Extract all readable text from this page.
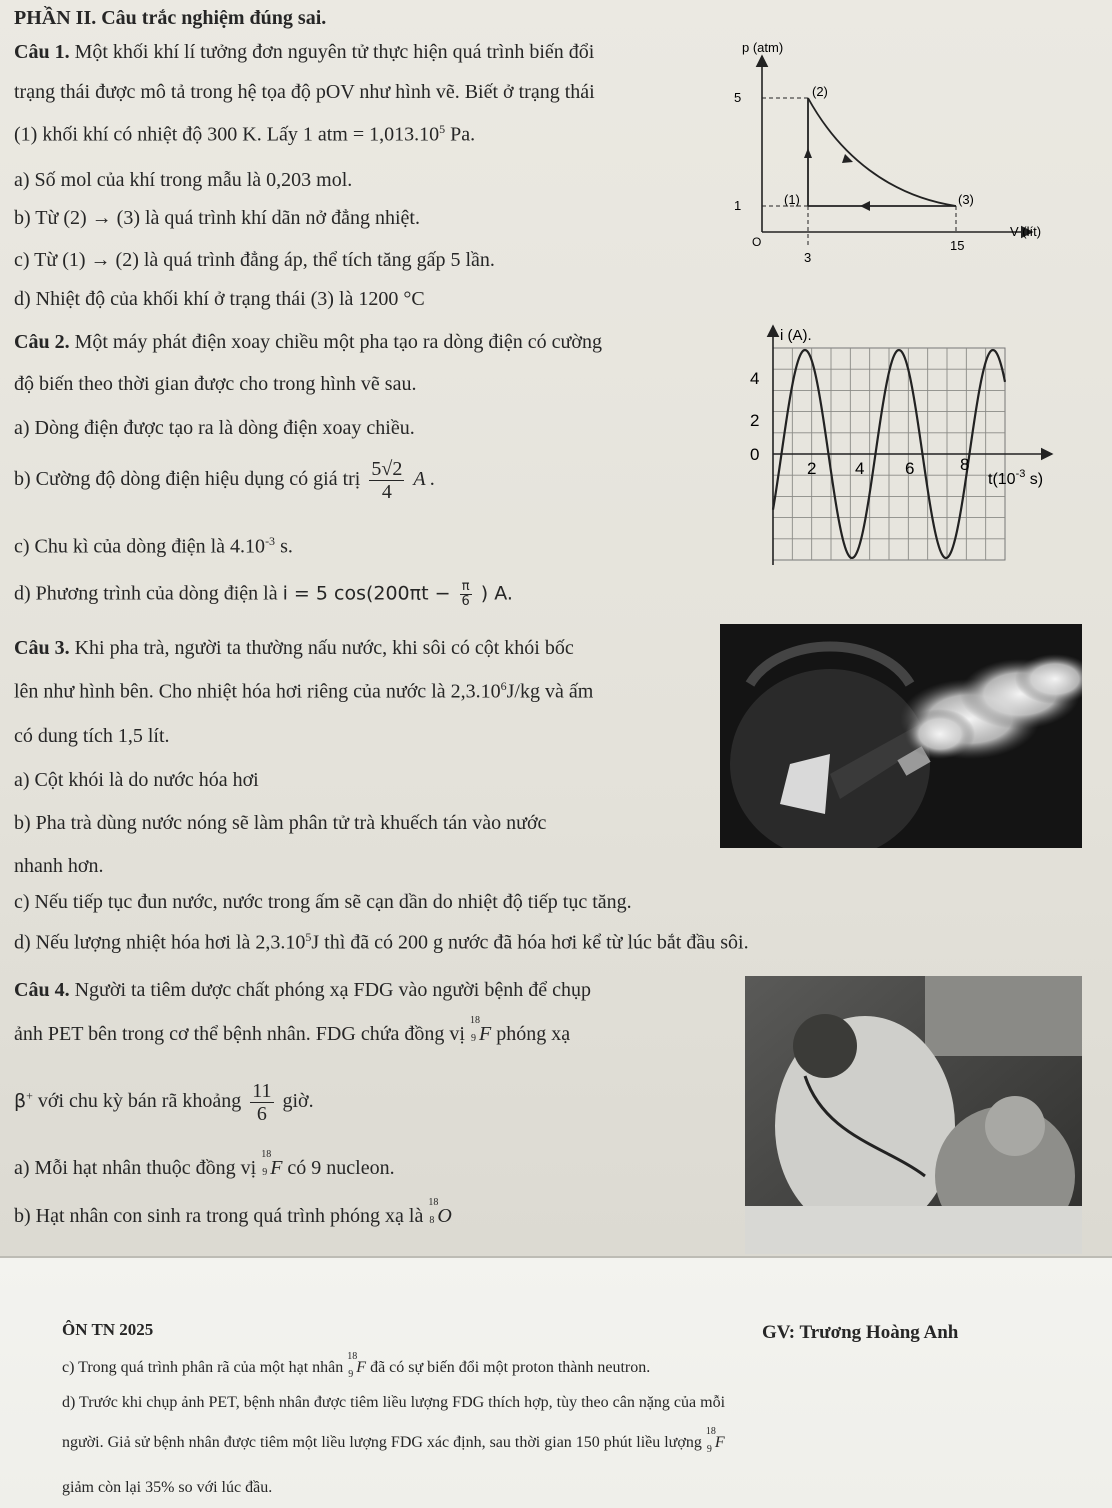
PHẦN II. Câu trắc nghiệm đúng sai.
Câu 1. Một khối khí lí tưởng đơn nguyên tử thực hiện quá trình biến đổi
trạng thái được mô tả trong hệ tọa độ pOV như hình vẽ. Biết ở trạng thái
(1) khối khí có nhiệt độ 300 K. Lấy 1 atm = $1,013.10^5$ Pa.
a) Số mol của khí trong mẫu là 0,203 mol.
b) Từ (2) → (3) là quá trình khí dãn nở đẳng nhiệt.
c) Từ (1) → (2) là quá trình đẳng áp, thể tích tăng gấp 5 lần.
d) Nhiệt độ của khối khí ở trạng thái (3) là 1200 °C
p (atm)
V (lít)
O
5
1
3
15
(2)
(1)	(3)
Câu 2. Một máy phát điện xoay chiều một pha tạo ra dòng điện có cường
độ biến theo thời gian được cho trong hình vẽ sau.
a) Dòng điện được tạo ra là dòng điện xoay chiều.
b) Cường độ dòng điện hiệu dụng có giá trị $\frac{5√2}{4}$ A .
c) Chu kì của dòng điện là $4.10^{-3}$ s.
d) Phương trình của dòng điện là i = 5 $\cos(200\pi t - \frac{\pi}{6}$ ) A.
i (A).
4
2
0
2 4 6	8
$t(10^{-3}$ s)
Câu 3. Khi pha trà, người ta thường nấu nước, khi sôi có cột khói bốc
lên như hình bên. Cho nhiệt hóa hơi riêng của nước là 2,3.10$^6$J/kg và ấm
có dung tích 1,5 lít.
a) Cột khói là do nước hóa hơi
b) Pha trà dùng nước nóng sẽ làm phân tử trà khuếch tán vào nước
nhanh hơn.
c) Nếu tiếp tục đun nước, nước trong ấm sẽ cạn dần do nhiệt độ tiếp tục tăng.
d) Nếu lượng nhiệt hóa hơi là 2,3.10$^5$J thì đã có 200 g nước đã hóa hơi kể từ lúc bắt đầu sôi.
Câu 4. Người ta tiêm dược chất phóng xạ FDG vào người bệnh để chụp
ảnh PET bên trong cơ thể bệnh nhân. FDG chứa đồng vị
18
9 F phóng xạ
β+ với chu kỳ bán rã khoảng $\frac{11}{6}$ giờ.
a) Mỗi hạt nhân thuộc đồng vị
18
9 F có 9 nucleon.
b) Hạt nhân con sinh ra trong quá trình phóng xạ là
18
8 O
ÔN TN 2025	GV: Trương Hoàng Anh
c) Trong quá trình phân rã của một hạt nhân
18
9 F đã có sự biến đổi một proton thành neutron.
d) Trước khi chụp ảnh PET, bệnh nhân được tiêm liều lượng FDG thích hợp, tùy theo cân nặng của mỗi
người. Giả sử bệnh nhân được tiêm một liều lượng FDG xác định, sau thời gian 150 phút liều lượng
18
9 F
giảm còn lại 35% so với lúc đầu.
